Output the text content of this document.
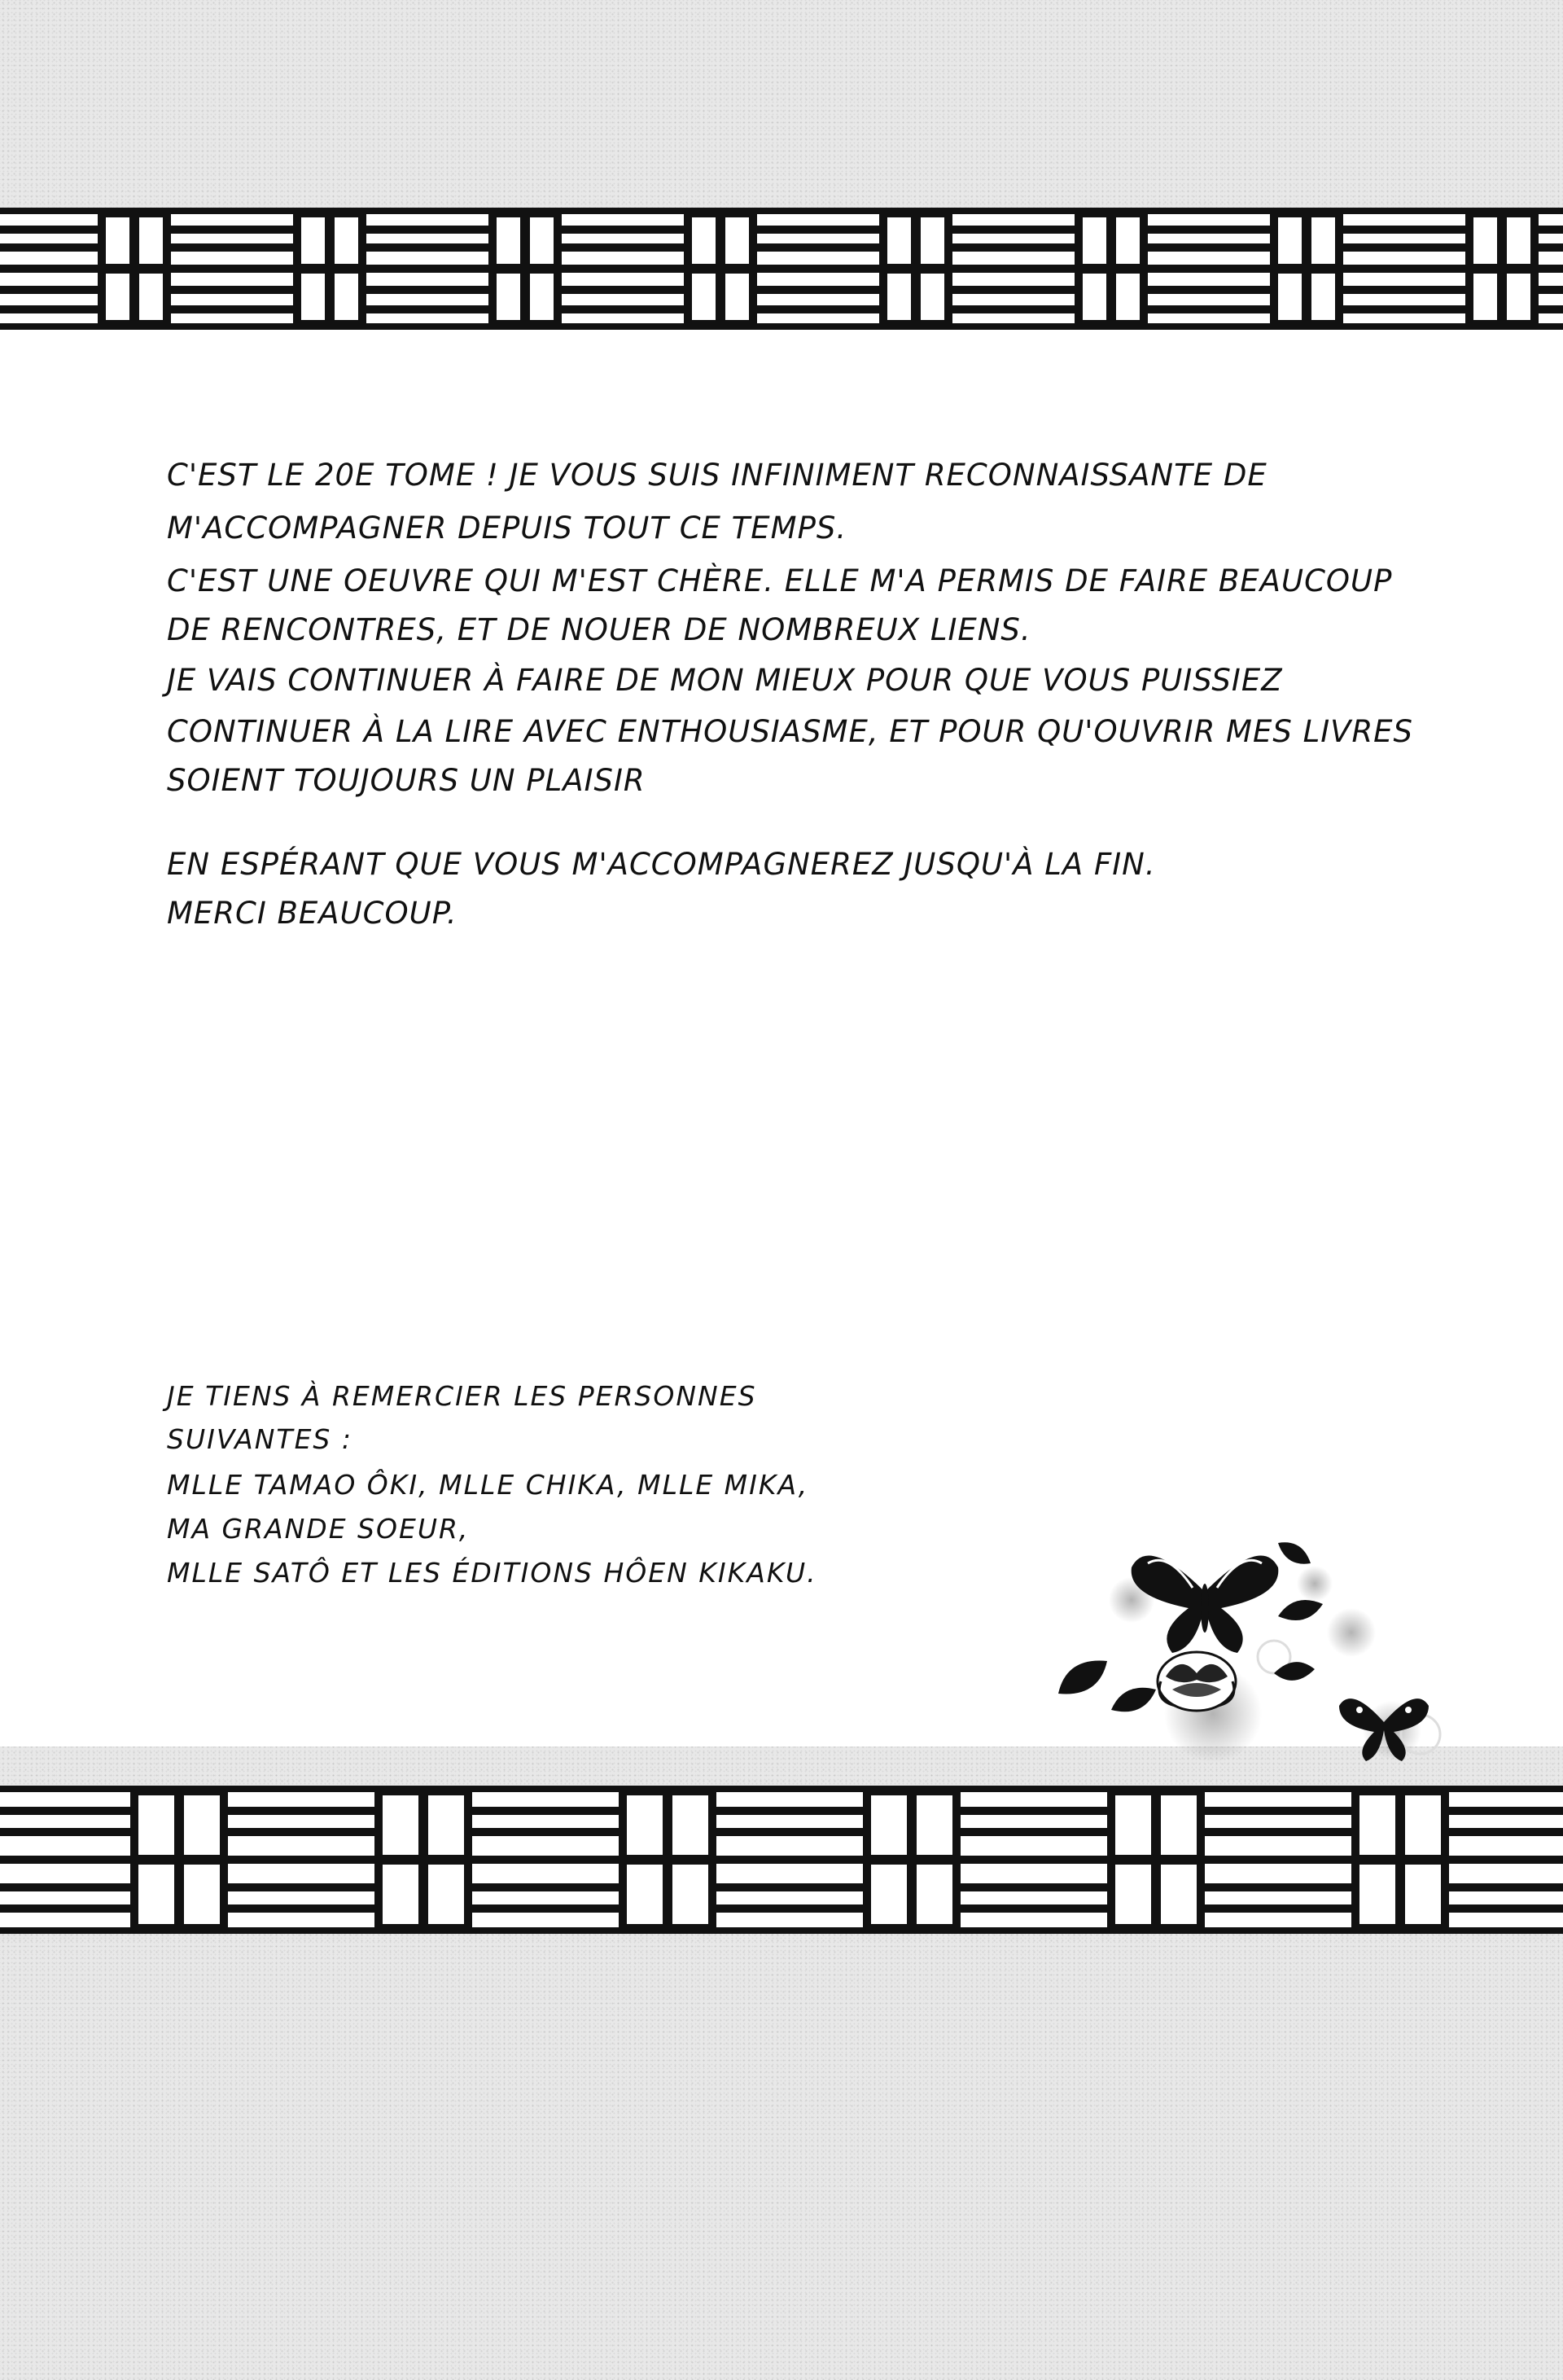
C'EST LE 20E TOME ! JE VOUS SUIS INFINIMENT RECONNAISSANTE DE

M'ACCOMPAGNER DEPUIS TOUT CE TEMPS.

C'EST UNE OEUVRE QUI M'EST CHÈRE. ELLE M'A PERMIS DE FAIRE BEAUCOUP

DE RENCONTRES, ET DE NOUER DE NOMBREUX LIENS.

JE VAIS CONTINUER À FAIRE DE MON MIEUX POUR QUE VOUS PUISSIEZ

CONTINUER À LA LIRE AVEC ENTHOUSIASME, ET POUR QU'OUVRIR MES LIVRES

SOIENT TOUJOURS UN PLAISIR

EN ESPÉRANT QUE VOUS M'ACCOMPAGNEREZ JUSQU'À LA FIN.

MERCI BEAUCOUP.

JE TIENS À REMERCIER LES PERSONNES

SUIVANTES :

MLLE TAMAO ÔKI, MLLE CHIKA, MLLE MIKA,

MA GRANDE SOEUR,

MLLE SATÔ ET LES ÉDITIONS HÔEN KIKAKU.
